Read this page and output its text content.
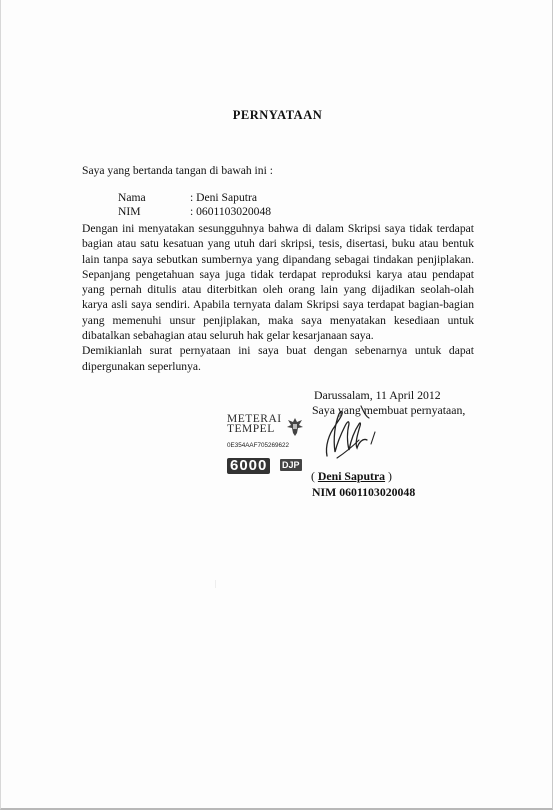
PERNYATAAN
Saya yang bertanda tangan di bawah ini :
Nama	: Deni Saputra
NIM	: 0601103020048

Dengan ini menyatakan sesungguhnya bahwa di dalam Skripsi saya tidak terdapat bagian atau satu kesatuan yang utuh dari skripsi, tesis, disertasi, buku atau bentuk lain tanpa saya sebutkan sumbernya yang dipandang sebagai tindakan penjiplakan. Sepanjang pengetahuan saya juga tidak terdapat reproduksi karya atau pendapat yang pernah ditulis atau diterbitkan oleh orang lain yang dijadikan seolah-olah karya asli saya sendiri. Apabila ternyata dalam Skripsi saya terdapat bagian-bagian yang memenuhi unsur penjiplakan, maka saya menyatakan kesediaan untuk dibatalkan sebahagian atau seluruh hak gelar kesarjanaan saya.

Demikianlah surat pernyataan ini saya buat dengan sebenarnya untuk dapat dipergunakan seperlunya.

Darussalam, 11 April 2012
Saya yang membuat pernyataan,
METERAI
TEMPEL
0E354AAF705269622
6000	DJP
( Deni Saputra )
NIM 0601103020048
